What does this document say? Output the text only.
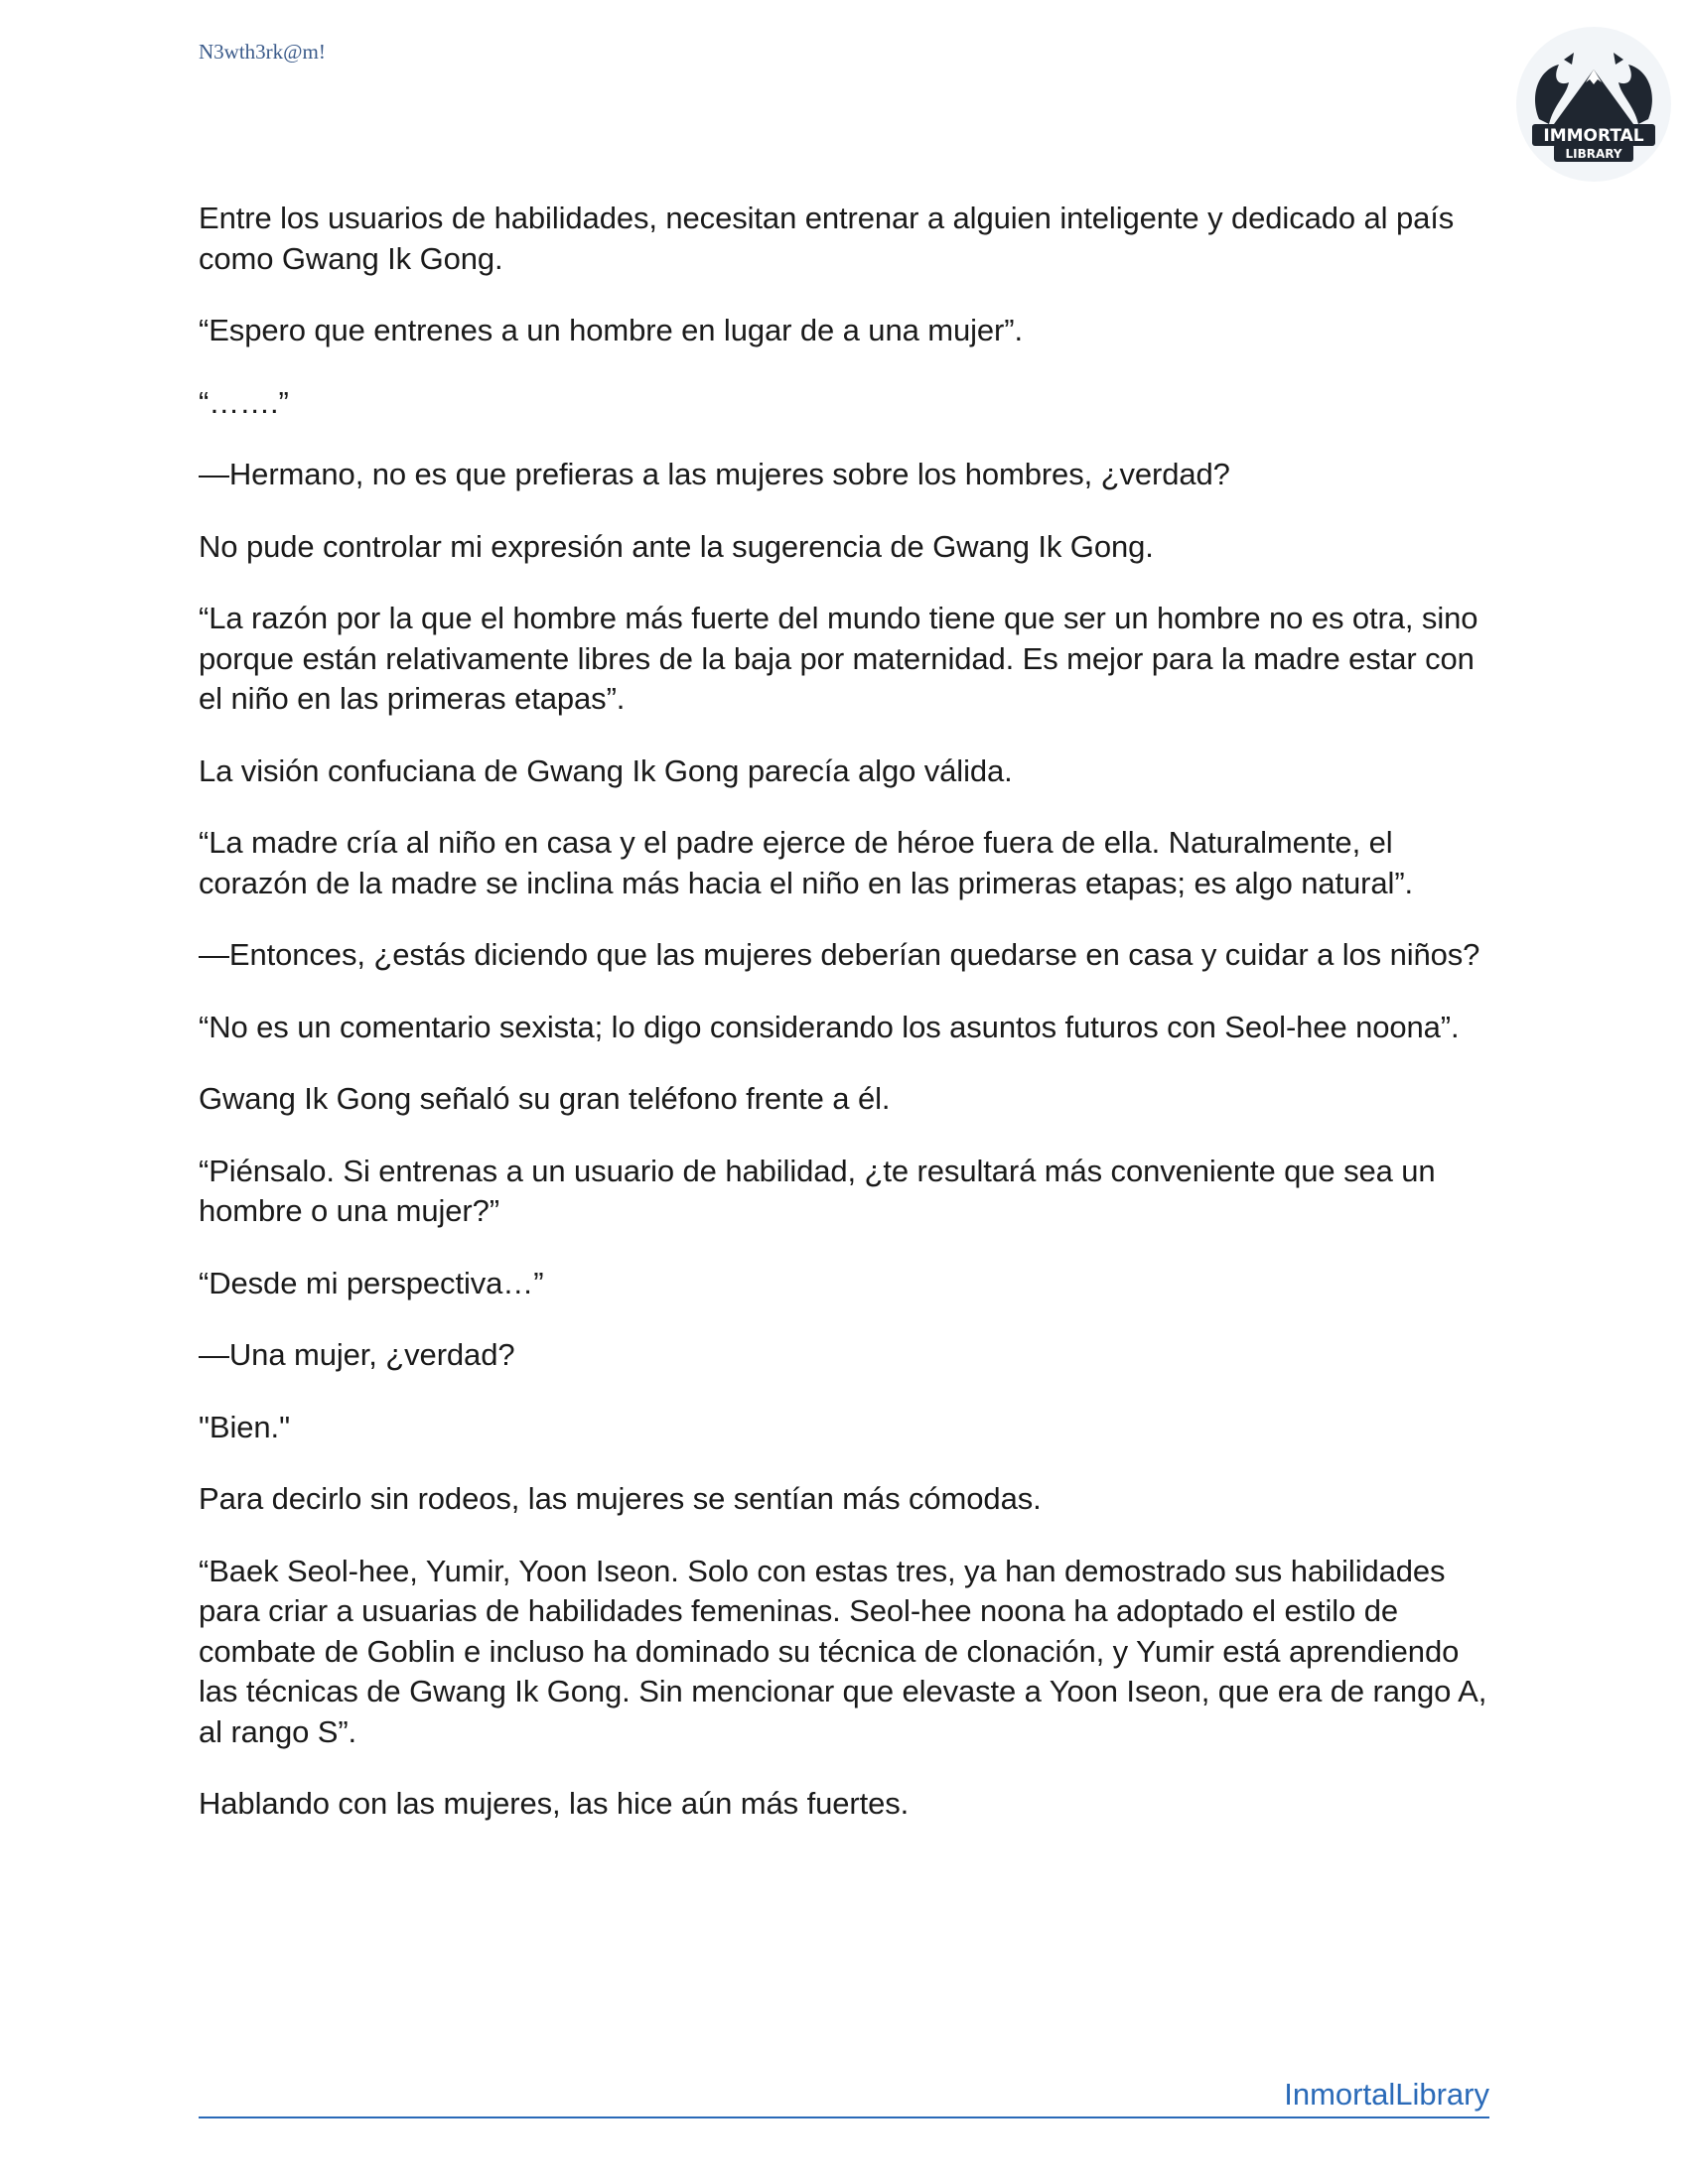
N3wth3rk@m!
IMMORTAL
LIBRARY

Entre los usuarios de habilidades, necesitan entrenar a alguien inteligente y dedicado al país como Gwang Ik Gong.

“Espero que entrenes a un hombre en lugar de a una mujer”.

“…….”

—Hermano, no es que prefieras a las mujeres sobre los hombres, ¿verdad?

No pude controlar mi expresión ante la sugerencia de Gwang Ik Gong.

“La razón por la que el hombre más fuerte del mundo tiene que ser un hombre no es otra, sino porque están relativamente libres de la baja por maternidad. Es mejor para la madre estar con el niño en las primeras etapas”.

La visión confuciana de Gwang Ik Gong parecía algo válida.

“La madre cría al niño en casa y el padre ejerce de héroe fuera de ella. Naturalmente, el corazón de la madre se inclina más hacia el niño en las primeras etapas; es algo natural”.

—Entonces, ¿estás diciendo que las mujeres deberían quedarse en casa y cuidar a los niños?

“No es un comentario sexista; lo digo considerando los asuntos futuros con Seol-hee noona”.

Gwang Ik Gong señaló su gran teléfono frente a él.

“Piénsalo. Si entrenas a un usuario de habilidad, ¿te resultará más conveniente que sea un hombre o una mujer?”

“Desde mi perspectiva…”

—Una mujer, ¿verdad?

"Bien."

Para decirlo sin rodeos, las mujeres se sentían más cómodas.

“Baek Seol-hee, Yumir, Yoon Iseon. Solo con estas tres, ya han demostrado sus habilidades para criar a usuarias de habilidades femeninas. Seol-hee noona ha adoptado el estilo de combate de Goblin e incluso ha dominado su técnica de clonación, y Yumir está aprendiendo las técnicas de Gwang Ik Gong. Sin mencionar que elevaste a Yoon Iseon, que era de rango A, al rango S”.

Hablando con las mujeres, las hice aún más fuertes.

InmortalLibrary
